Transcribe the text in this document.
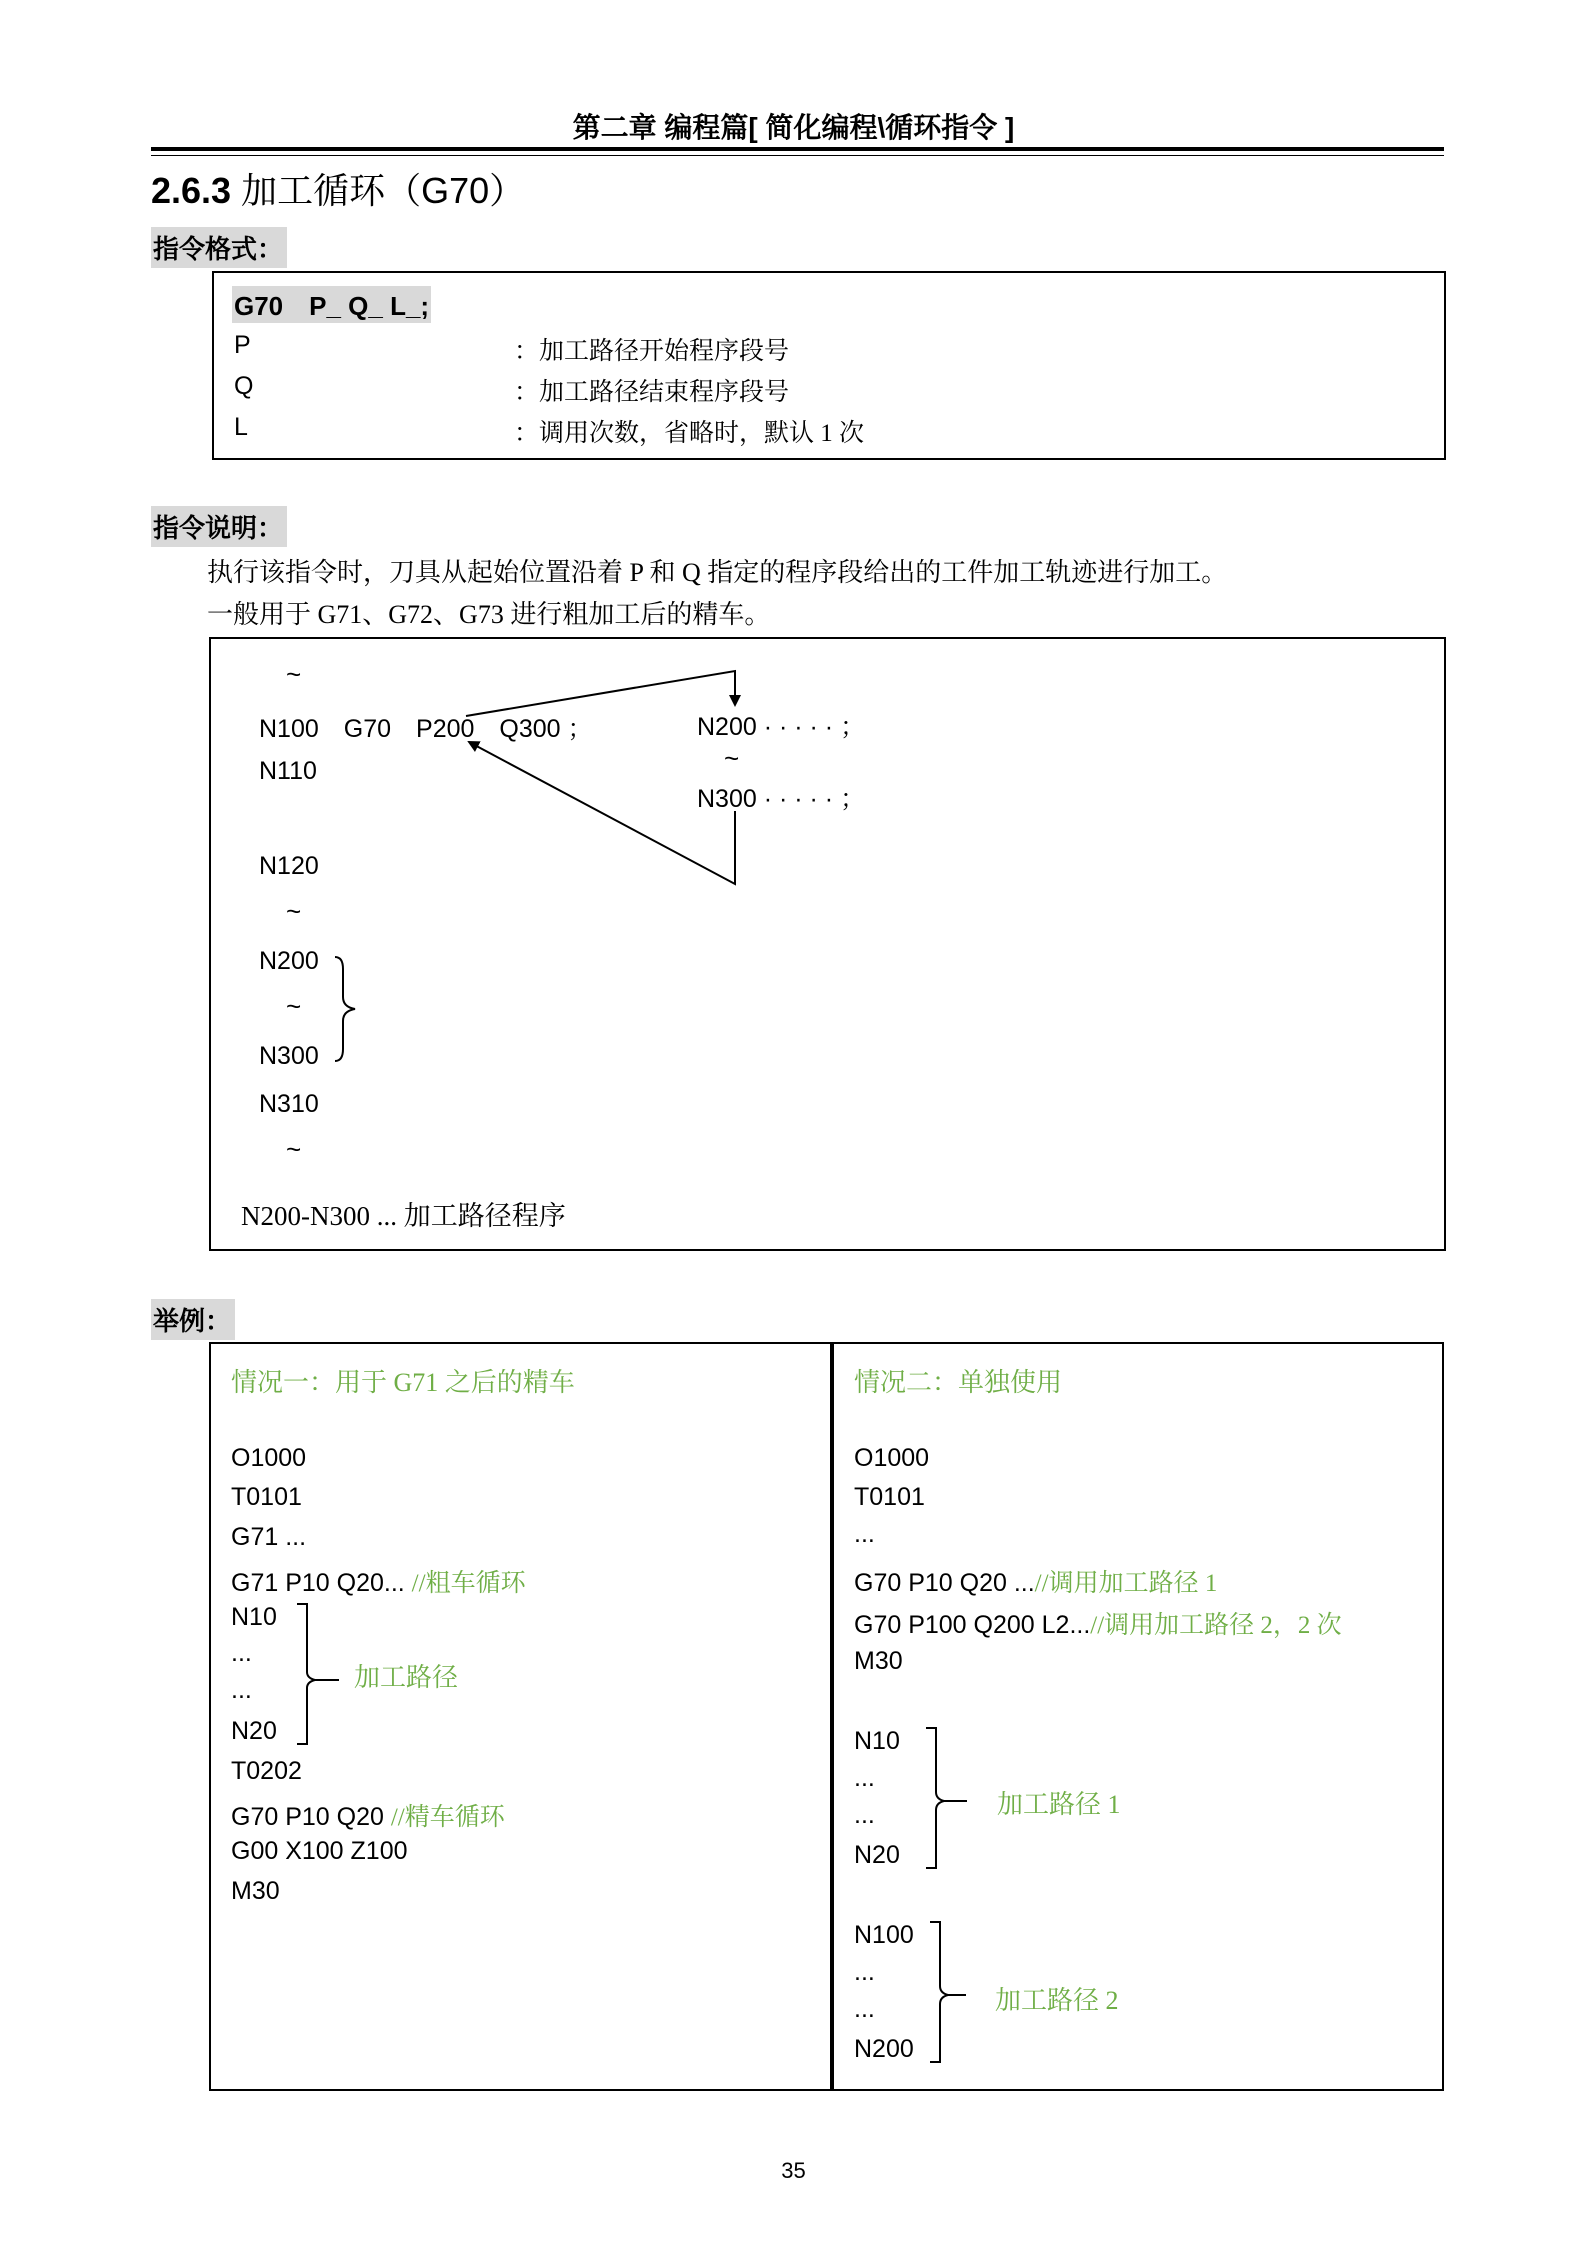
第二章 编程篇[ 简化编程\循环指令 ]
2.6.3 加工循环（G70）
指令格式：
G70　P_ Q_ L_;
P	：加工路径开始程序段号
Q	：加工路径结束程序段号
L	：调用次数，省略时，默认 1 次
指令说明：
执行该指令时，刀具从起始位置沿着 P 和 Q 指定的程序段给出的工件加工轨迹进行加工。
一般用于 G71、G72、G73 进行粗加工后的精车。
~
N100　G70　P200　Q300 ；
N110
N120
~
N200
~
N300
N310
~
N200 · · · · · ；
~
N300 · · · · · ；
N200-N300 ... 加工路径程序
举例：
情况一：用于 G71 之后的精车
O1000
T0101
G71 ...
G71 P10 Q20... //粗车循环
N10
...
...
N20
加工路径
T0202
G70 P10 Q20 //精车循环
G00 X100 Z100
M30
情况二：单独使用
O1000
T0101
...
G70 P10 Q20 ...//调用加工路径 1
G70 P100 Q200 L2...//调用加工路径 2，2 次
M30
N10
...
...
N20
加工路径 1
N100
...
...
N200
加工路径 2
35
